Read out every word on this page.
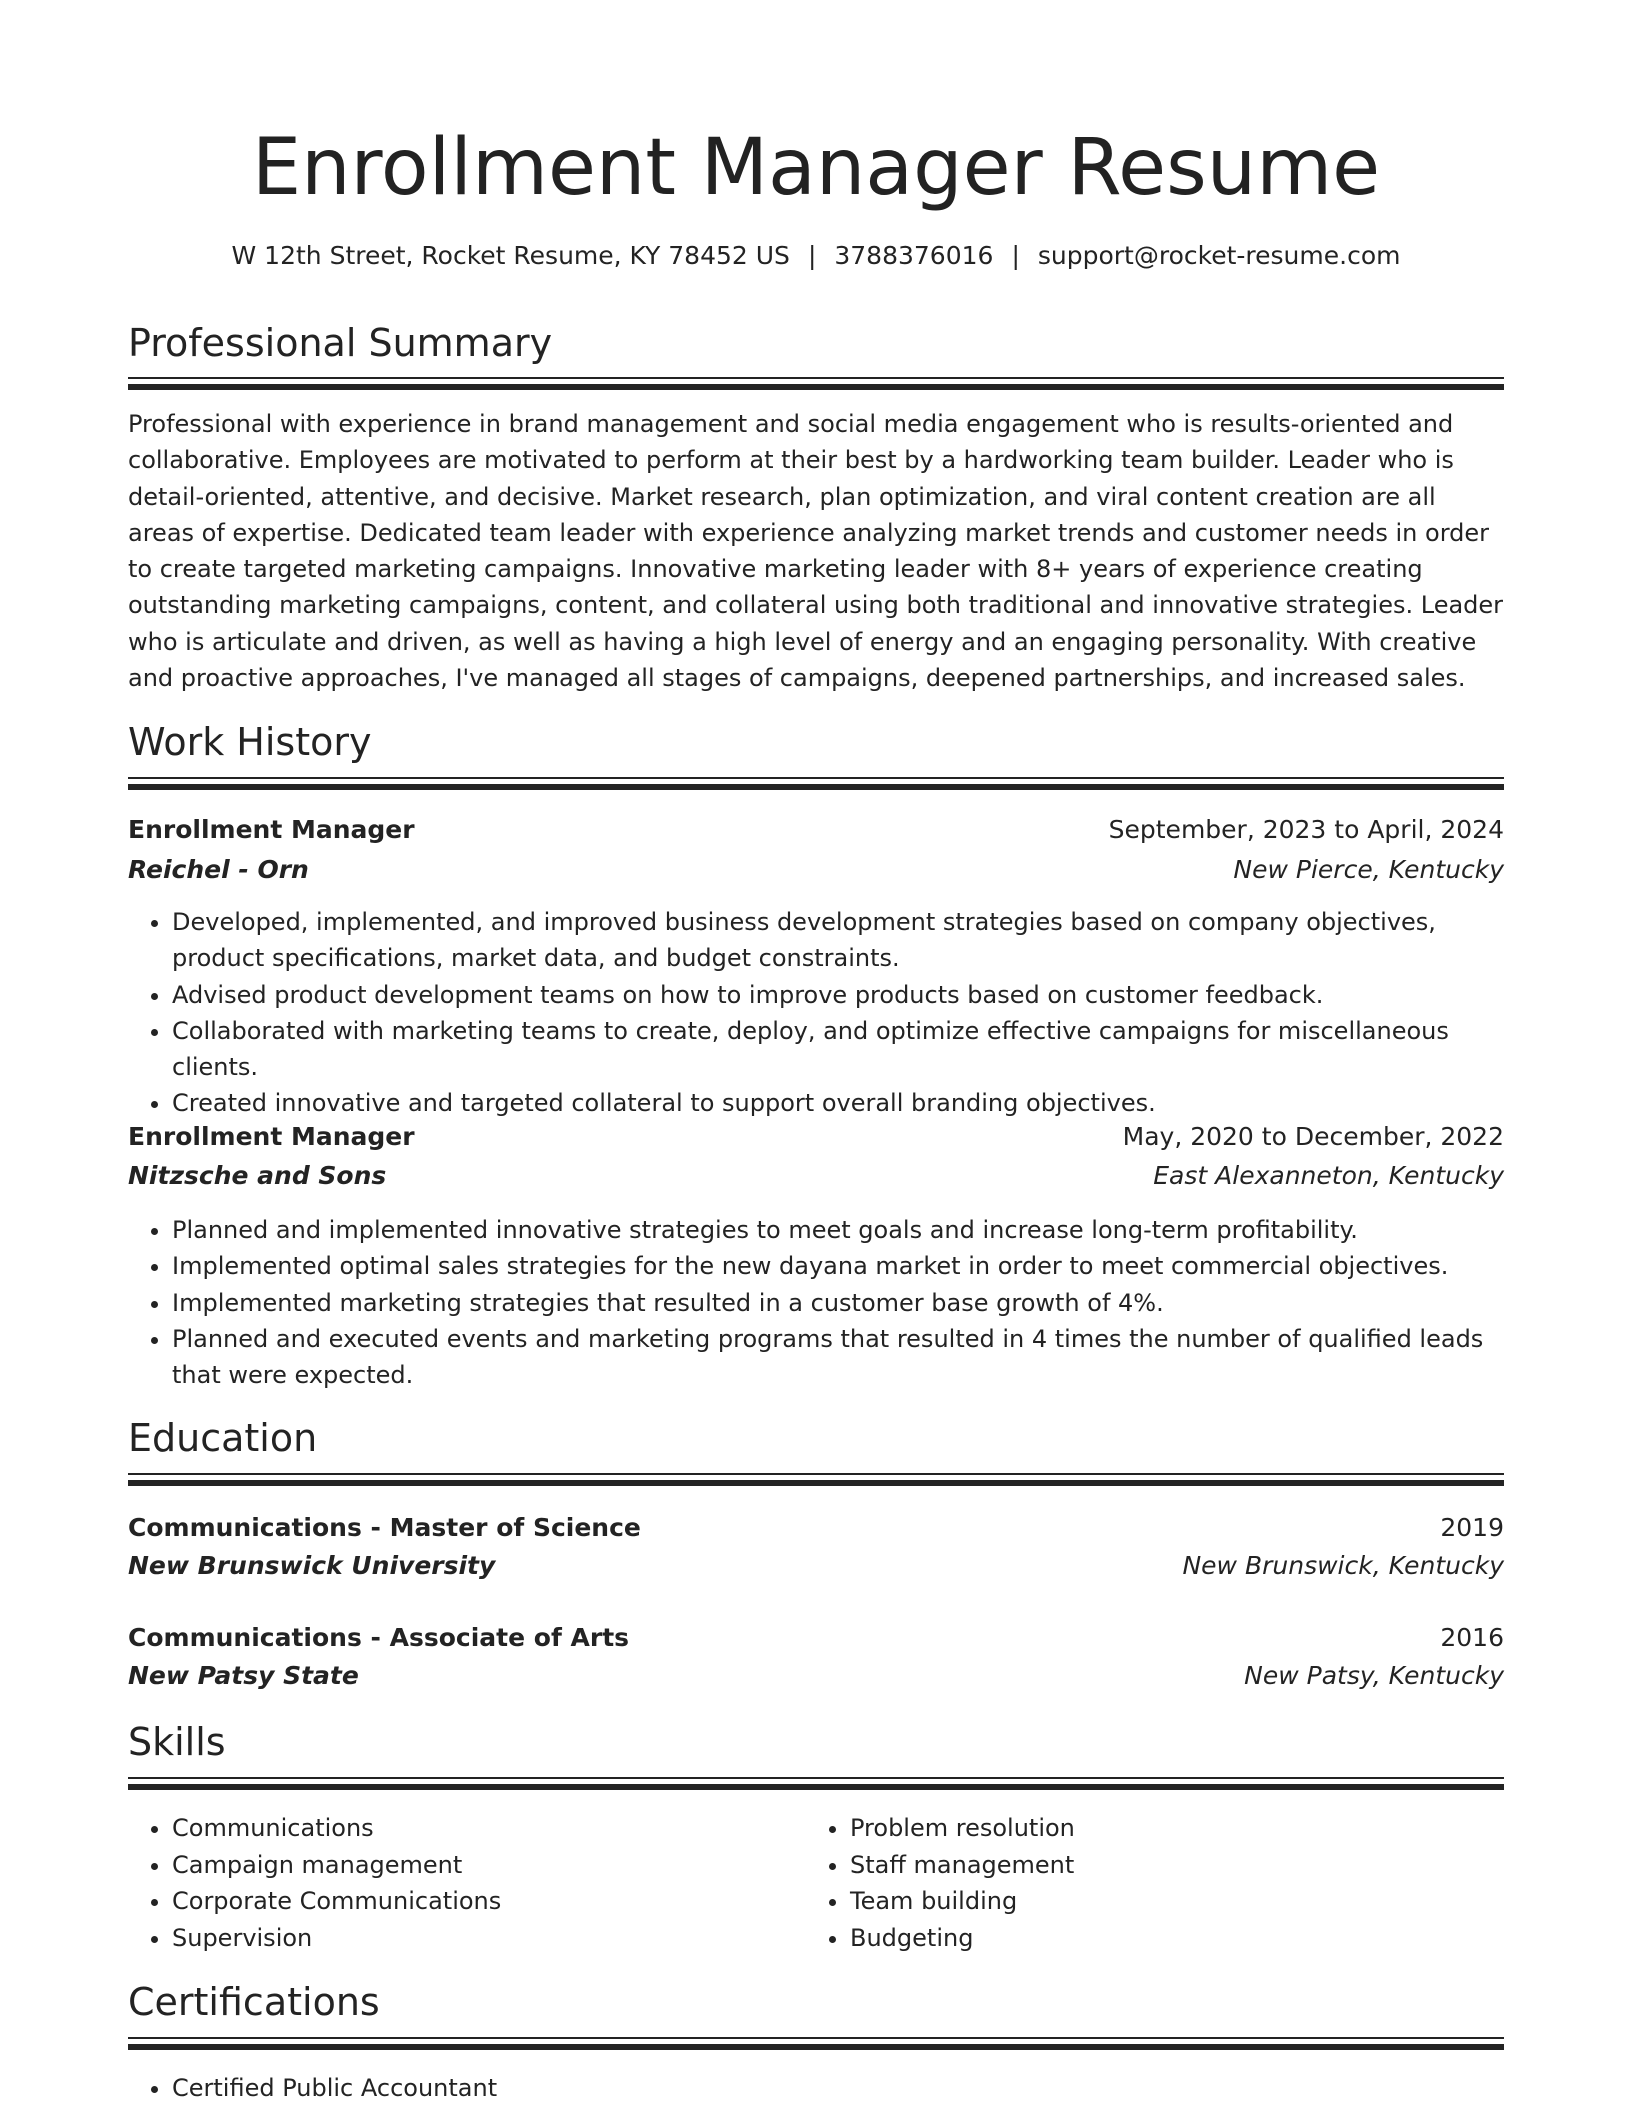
Enrollment Manager Resume
W 12th Street, Rocket Resume, KY 78452 US | 3788376016 | support@rocket-resume.com
Professional Summary

Professional with experience in brand management and social media engagement who is results-oriented and collaborative. Employees are motivated to perform at their best by a hardworking team builder. Leader who is detail-oriented, attentive, and decisive. Market research, plan optimization, and viral content creation are all areas of expertise. Dedicated team leader with experience analyzing market trends and customer needs in order to create targeted marketing campaigns. Innovative marketing leader with 8+ years of experience creating outstanding marketing campaigns, content, and collateral using both traditional and innovative strategies. Leader who is articulate and driven, as well as having a high level of energy and an engaging personality. With creative and proactive approaches, I've managed all stages of campaigns, deepened partnerships, and increased sales.

Work History
Enrollment Manager	September, 2023 to April, 2024
Reichel - Orn	New Pierce, Kentucky
• Developed, implemented, and improved business development strategies based on company objectives, product specifications, market data, and budget constraints.
• Advised product development teams on how to improve products based on customer feedback.
• Collaborated with marketing teams to create, deploy, and optimize effective campaigns for miscellaneous clients.
• Created innovative and targeted collateral to support overall branding objectives.
Enrollment Manager	May, 2020 to December, 2022
Nitzsche and Sons	East Alexanneton, Kentucky
• Planned and implemented innovative strategies to meet goals and increase long-term profitability.
• Implemented optimal sales strategies for the new dayana market in order to meet commercial objectives.
• Implemented marketing strategies that resulted in a customer base growth of 4%.
• Planned and executed events and marketing programs that resulted in 4 times the number of qualified leads that were expected.
Education
Communications - Master of Science	2019
New Brunswick University	New Brunswick, Kentucky
Communications - Associate of Arts	2016
New Patsy State	New Patsy, Kentucky
Skills
• Communications
• Campaign management
• Corporate Communications
• Supervision
• Problem resolution
• Staff management
• Team building
• Budgeting
Certifications
• Certified Public Accountant
